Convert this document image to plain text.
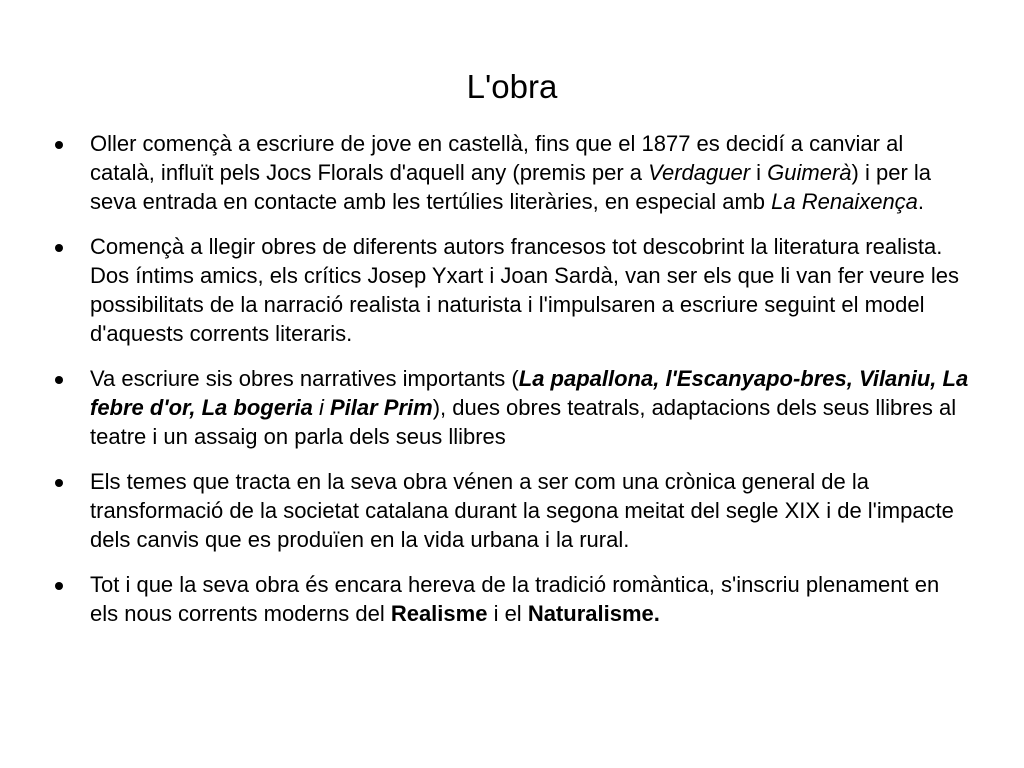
L'obra
Oller començà a escriure de jove en castellà, fins que el 1877 es decidí a canviar al català, influït pels Jocs Florals d'aquell any (premis per a Verdaguer i Guimerà) i per la seva entrada en contacte amb les tertúlies literàries, en especial amb La Renaixença.
Començà a llegir obres de diferents autors francesos tot descobrint la literatura realista. Dos íntims amics, els crítics Josep Yxart i Joan Sardà, van ser els que li van fer veure les possibilitats de la narració realista i naturista i l'impulsaren a escriure seguint el model d'aquests corrents literaris.
Va escriure sis obres narratives importants (La papallona, l'Escanyapo-bres, Vilaniu, La febre d'or, La bogeria i Pilar Prim), dues obres teatrals, adaptacions dels seus llibres al teatre i un assaig on parla dels seus llibres
Els temes que tracta en la seva obra vénen a ser com una crònica general de la transformació de la societat catalana durant la segona meitat del segle XIX i de l'impacte dels canvis que es produïen en la vida urbana i la rural.
Tot i que la seva obra és encara hereva de la tradició romàntica, s'inscriu plenament en els nous corrents moderns del Realisme i el Naturalisme.
